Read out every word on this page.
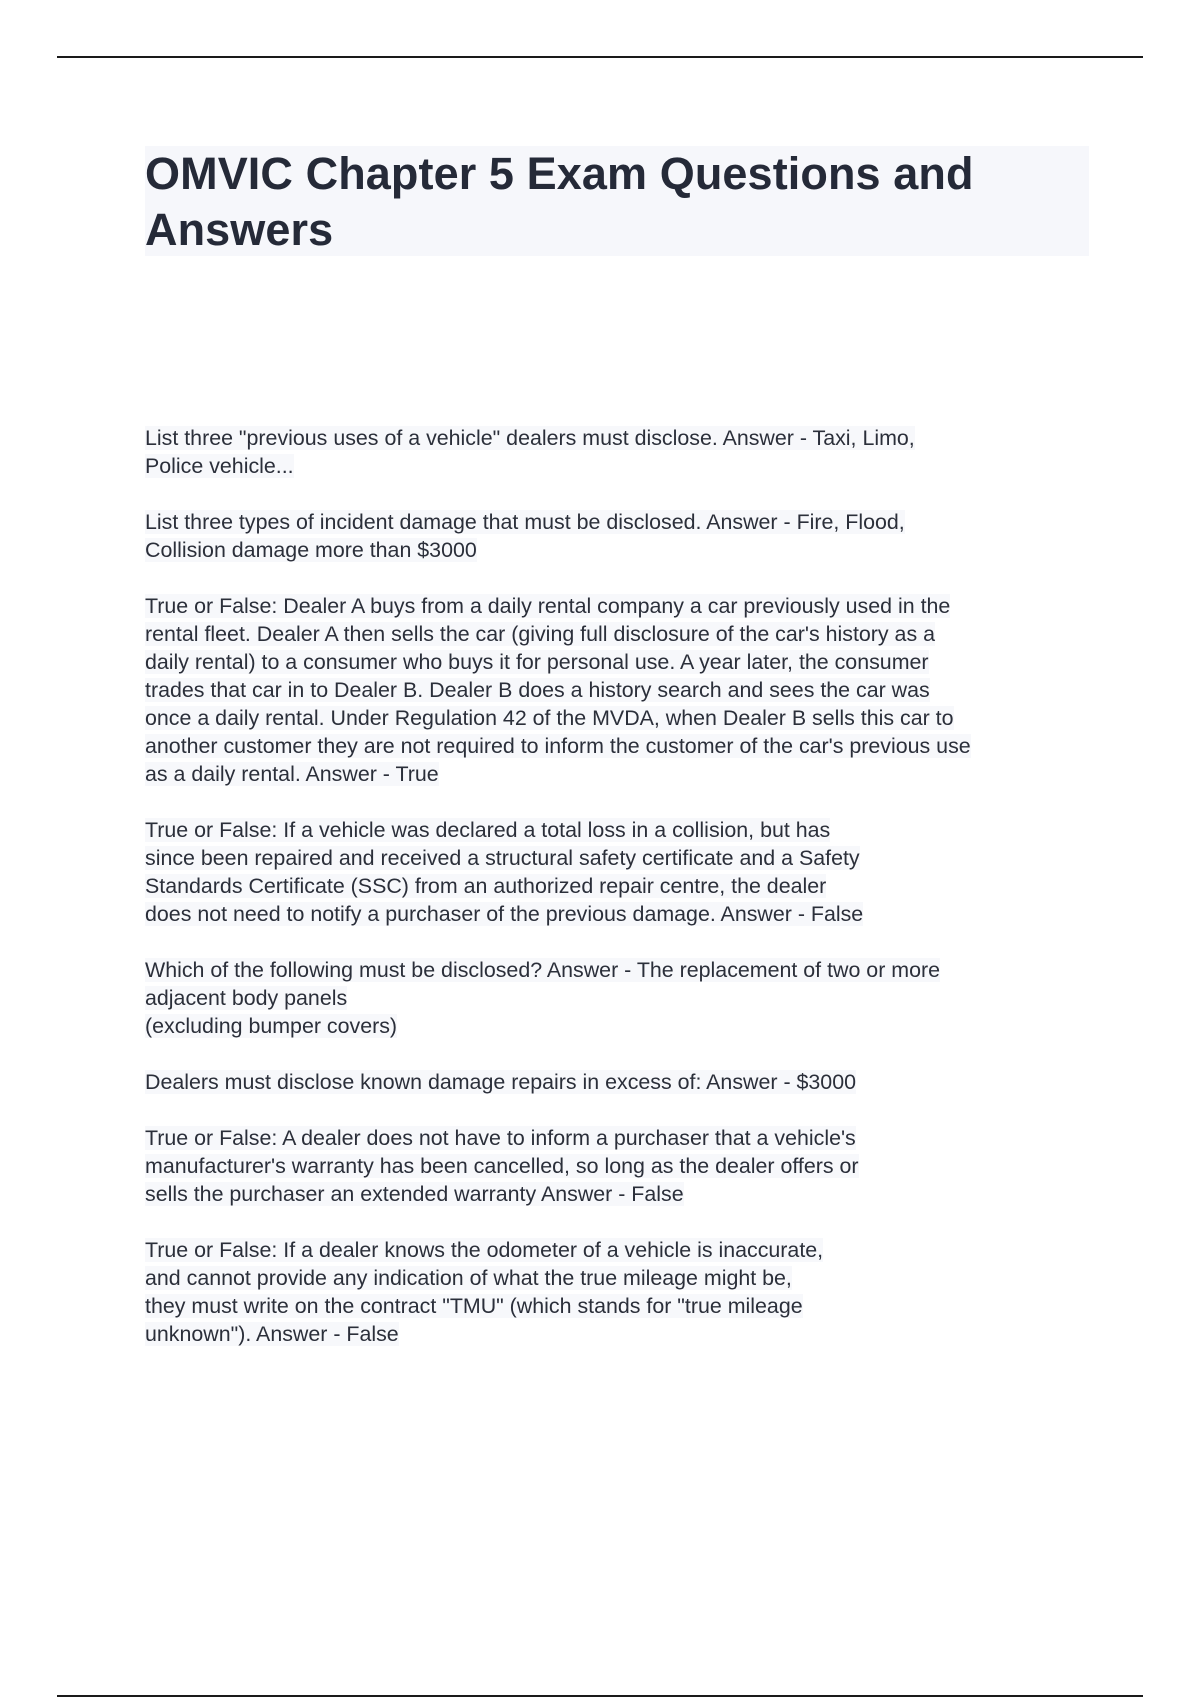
OMVIC Chapter 5 Exam Questions and
Answers

List three "previous uses of a vehicle" dealers must disclose. Answer - Taxi, Limo,
Police vehicle...

List three types of incident damage that must be disclosed. Answer - Fire, Flood,
Collision damage more than $3000

True or False: Dealer A buys from a daily rental company a car previously used in the
rental fleet. Dealer A then sells the car (giving full disclosure of the car's history as a
daily rental) to a consumer who buys it for personal use. A year later, the consumer
trades that car in to Dealer B. Dealer B does a history search and sees the car was
once a daily rental. Under Regulation 42 of the MVDA, when Dealer B sells this car to
another customer they are not required to inform the customer of the car's previous use
as a daily rental. Answer - True

True or False: If a vehicle was declared a total loss in a collision, but has
since been repaired and received a structural safety certificate and a Safety
Standards Certificate (SSC) from an authorized repair centre, the dealer
does not need to notify a purchaser of the previous damage. Answer - False

Which of the following must be disclosed? Answer - The replacement of two or more
adjacent body panels
(excluding bumper covers)

Dealers must disclose known damage repairs in excess of: Answer - $3000

True or False: A dealer does not have to inform a purchaser that a vehicle's
manufacturer's warranty has been cancelled, so long as the dealer offers or
sells the purchaser an extended warranty Answer - False

True or False: If a dealer knows the odometer of a vehicle is inaccurate,
and cannot provide any indication of what the true mileage might be,
they must write on the contract "TMU" (which stands for "true mileage
unknown"). Answer - False
